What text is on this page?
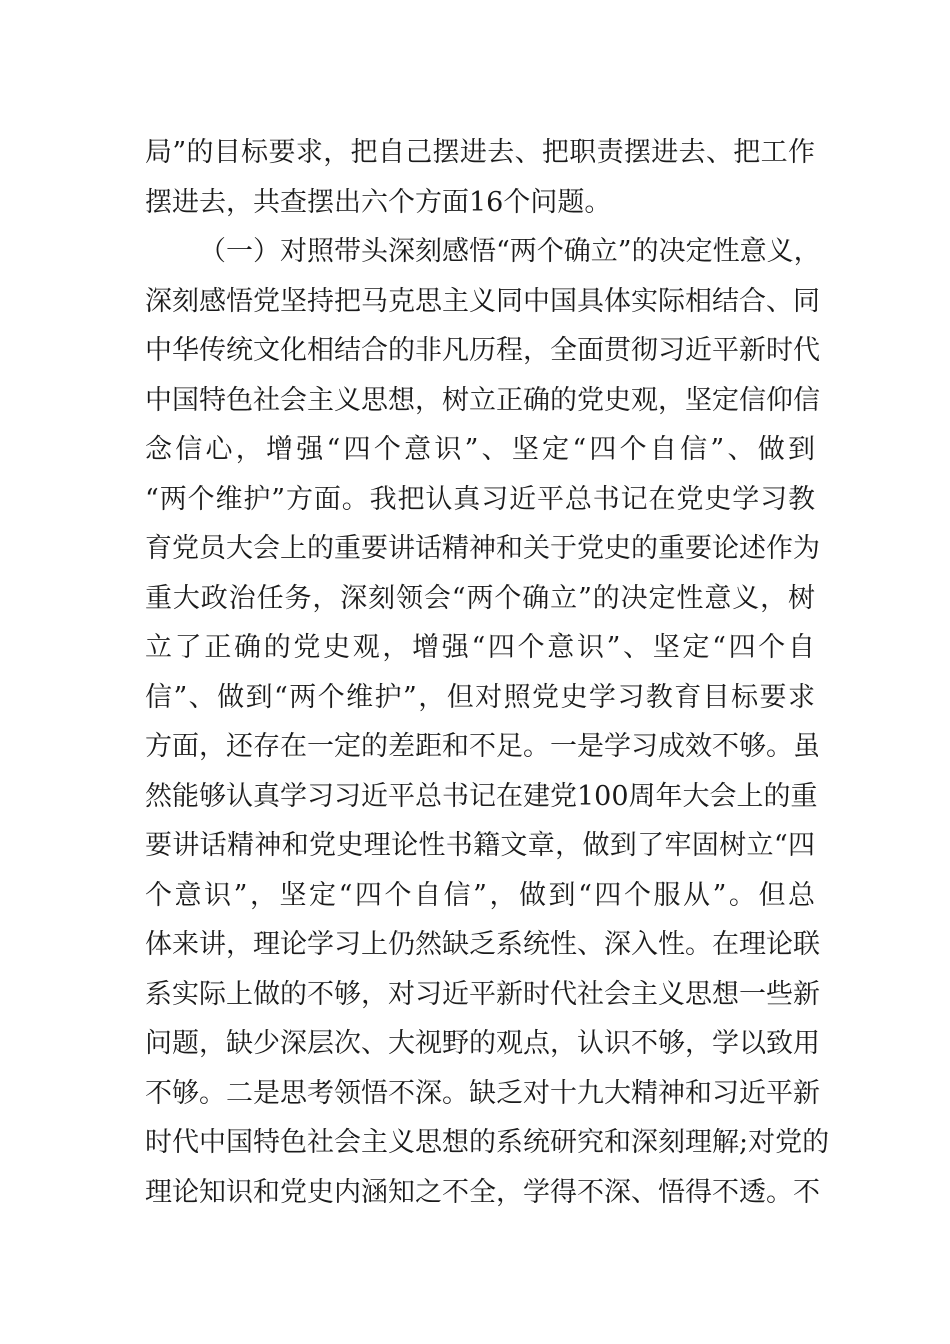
局”的目标要求，把自己摆进去、把职责摆进去、把工作
摆进去，共查摆出六个方面16个问题。
（一）对照带头深刻感悟“两个确立”的决定性意义，
深刻感悟党坚持把马克思主义同中国具体实际相结合、同
中华传统文化相结合的非凡历程，全面贯彻习近平新时代
中国特色社会主义思想，树立正确的党史观，坚定信仰信
念信心，增强“四个意识”、坚定“四个自信”、做到
“两个维护”方面。我把认真习近平总书记在党史学习教
育党员大会上的重要讲话精神和关于党史的重要论述作为
重大政治任务，深刻领会“两个确立”的决定性意义，树
立了正确的党史观，增强“四个意识”、坚定“四个自
信”、做到“两个维护”，但对照党史学习教育目标要求
方面，还存在一定的差距和不足。一是学习成效不够。虽
然能够认真学习习近平总书记在建党100周年大会上的重
要讲话精神和党史理论性书籍文章，做到了牢固树立“四
个意识”，坚定“四个自信”，做到“四个服从”。但总
体来讲，理论学习上仍然缺乏系统性、深入性。在理论联
系实际上做的不够，对习近平新时代社会主义思想一些新
问题，缺少深层次、大视野的观点，认识不够，学以致用
不够。二是思考领悟不深。缺乏对十九大精神和习近平新
时代中国特色社会主义思想的系统研究和深刻理解;对党的
理论知识和党史内涵知之不全，学得不深、悟得不透。不
